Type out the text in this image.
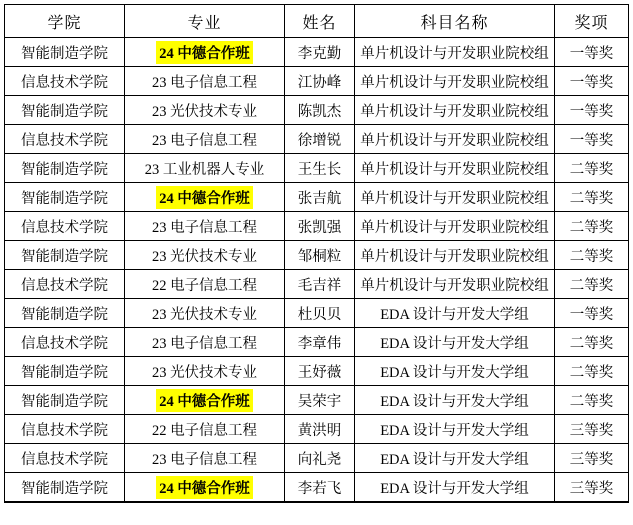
学院	专业	姓名	科目名称	奖项
智能制造学院	24 中德合作班	李克勤	单片机设计与开发职业院校组	一等奖
信息技术学院	23 电子信息工程	江协峰	单片机设计与开发职业院校组	一等奖
智能制造学院	23 光伏技术专业	陈凯杰	单片机设计与开发职业院校组	一等奖
信息技术学院	23 电子信息工程	徐增锐	单片机设计与开发职业院校组	一等奖
智能制造学院	23 工业机器人专业	王生长	单片机设计与开发职业院校组	二等奖
智能制造学院	24 中德合作班	张吉航	单片机设计与开发职业院校组	二等奖
信息技术学院	23 电子信息工程	张凯强	单片机设计与开发职业院校组	二等奖
智能制造学院	23 光伏技术专业	邹桐粒	单片机设计与开发职业院校组	二等奖
信息技术学院	22 电子信息工程	毛吉祥	单片机设计与开发职业院校组	二等奖
智能制造学院	23 光伏技术专业	杜贝贝	EDA 设计与开发大学组	一等奖
信息技术学院	23 电子信息工程	李章伟	EDA 设计与开发大学组	二等奖
智能制造学院	23 光伏技术专业	王妤薇	EDA 设计与开发大学组	二等奖
智能制造学院	24 中德合作班	吴荣宇	EDA 设计与开发大学组	二等奖
信息技术学院	22 电子信息工程	黄洪明	EDA 设计与开发大学组	三等奖
信息技术学院	23 电子信息工程	向礼尧	EDA 设计与开发大学组	三等奖
智能制造学院	24 中德合作班	李若飞	EDA 设计与开发大学组	三等奖
